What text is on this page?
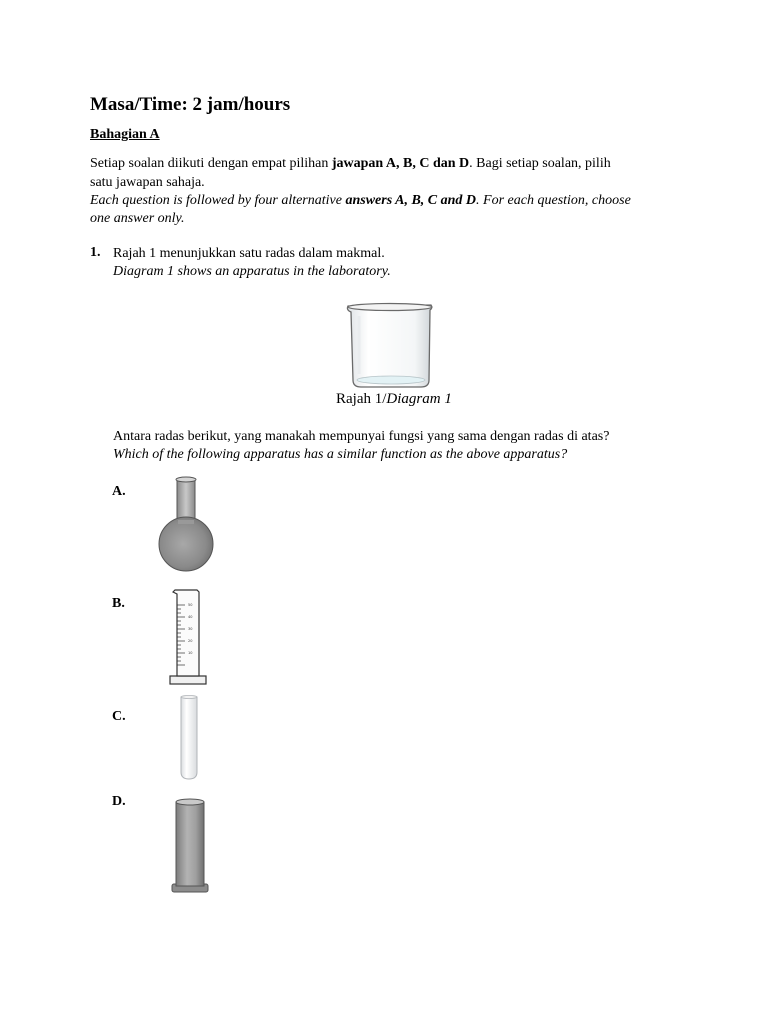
Masa/Time: 2 jam/hours
Bahagian A
Setiap soalan diikuti dengan empat pilihan jawapan A, B, C dan D. Bagi setiap soalan, pilih
satu jawapan sahaja.
Each question is followed by four alternative answers A, B, C and D. For each question, choose
one answer only.
1. Rajah 1 menunjukkan satu radas dalam makmal.
Diagram 1 shows an apparatus in the laboratory.
Rajah 1/Diagram 1
Antara radas berikut, yang manakah mempunyai fungsi yang sama dengan radas di atas?
Which of the following apparatus has a similar function as the above apparatus?
A.
B.	50
40
30
20
10
C.
D.
